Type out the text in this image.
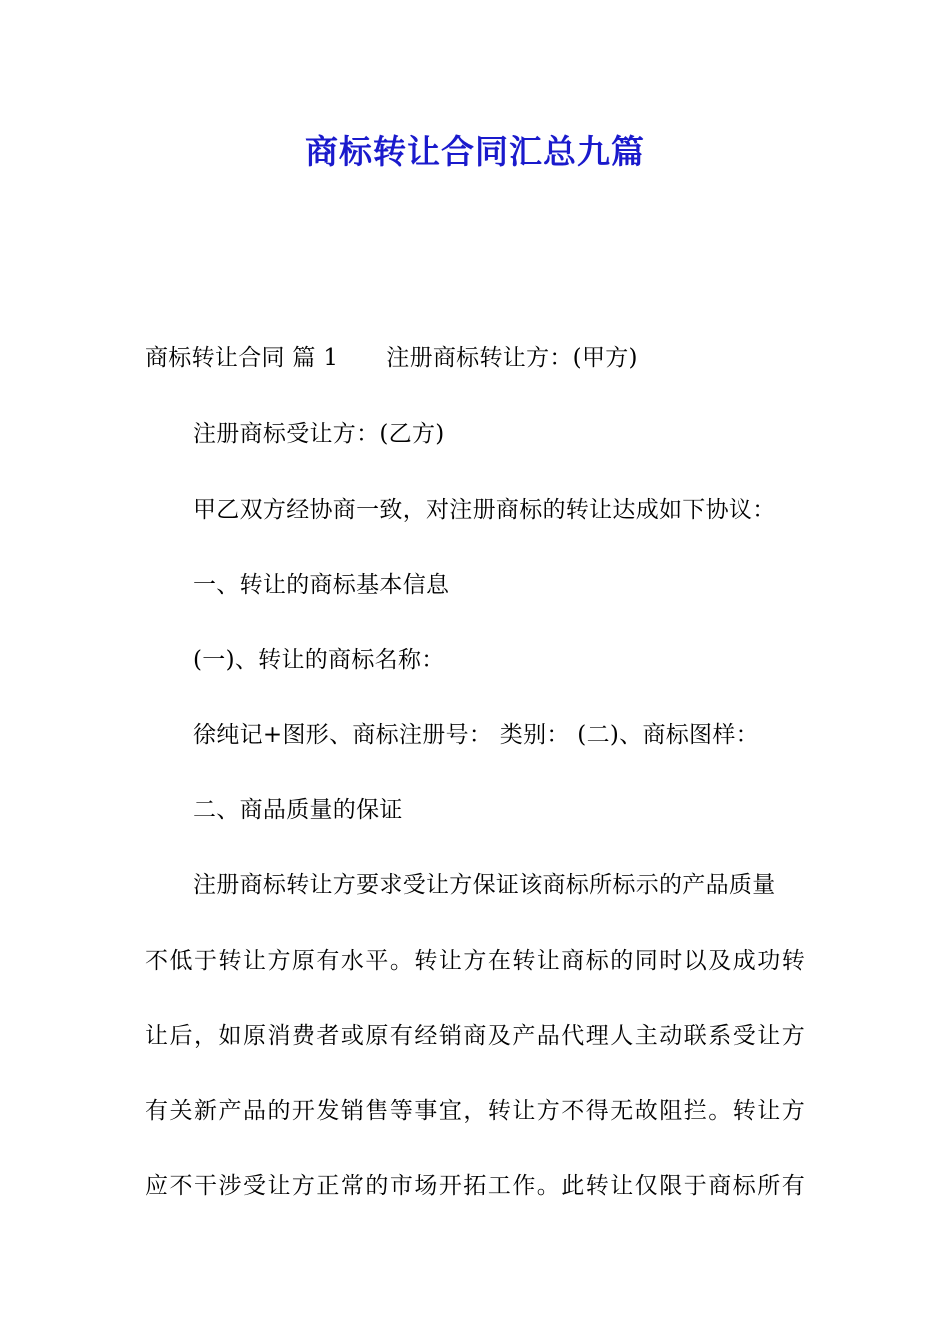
商标转让合同汇总九篇
商标转让合同 篇 1 注册商标转让方：(甲方)
注册商标受让方：(乙方)
甲乙双方经协商一致，对注册商标的转让达成如下协议：
一、转让的商标基本信息
(一)、转让的商标名称：
徐纯记+图形、商标注册号： 类别： (二)、商标图样：
二、商品质量的保证
注册商标转让方要求受让方保证该商标所标示的产品质量
不低于转让方原有水平。转让方在转让商标的同时以及成功转
让后，如原消费者或原有经销商及产品代理人主动联系受让方
有关新产品的开发销售等事宜，转让方不得无故阻拦。转让方
应不干涉受让方正常的市场开拓工作。此转让仅限于商标所有
